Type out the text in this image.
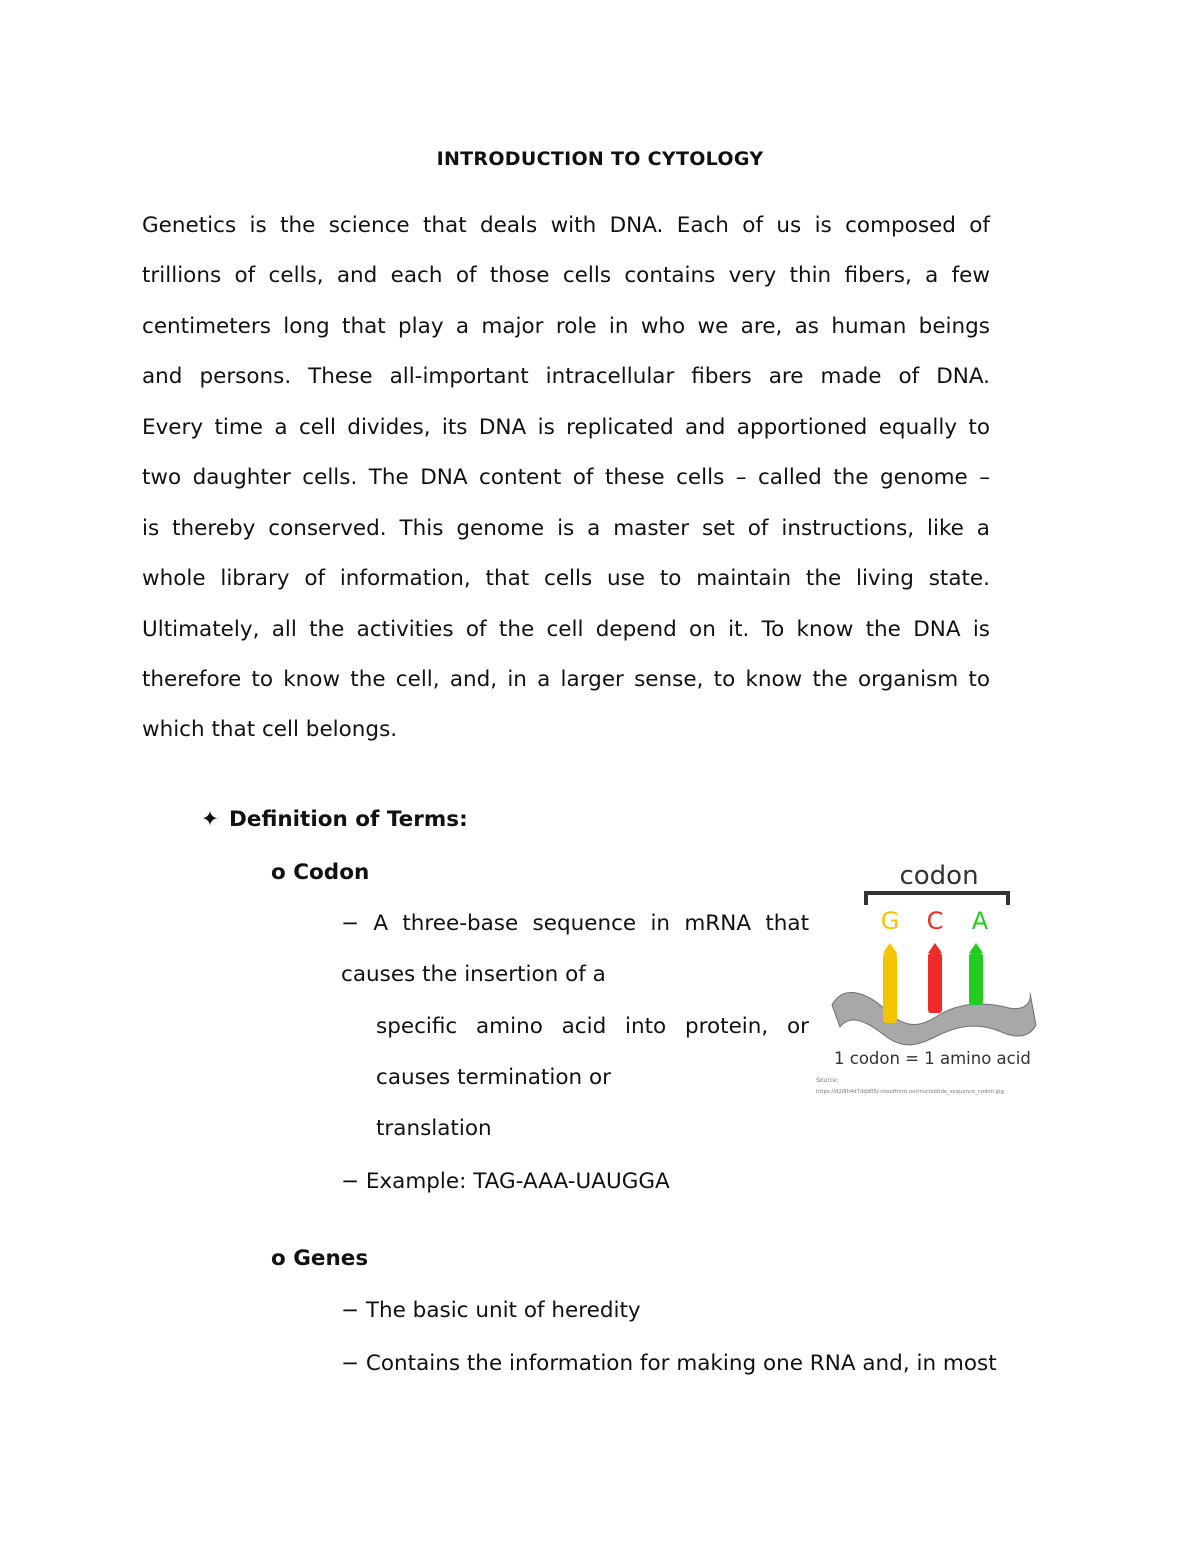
INTRODUCTION TO CYTOLOGY

Genetics is the science that deals with DNA. Each of us is composed of

trillions of cells, and each of those cells contains very thin fibers, a few

centimeters long that play a major role in who we are, as human beings

and persons. These all-important intracellular fibers are made of DNA.

Every time a cell divides, its DNA is replicated and apportioned equally to

two daughter cells. The DNA content of these cells – called the genome –

is thereby conserved. This genome is a master set of instructions, like a

whole library of information, that cells use to maintain the living state.

Ultimately, all the activities of the cell depend on it. To know the DNA is

therefore to know the cell, and, in a larger sense, to know the organism to

which that cell belongs.

✦ Definition of Terms:
o Codon
− A three-base sequence in mRNA that
causes the insertion of a
specific amino acid into protein, or
causes termination or
translation
− Example: TAG-AAA-UAUGGA
o Genes
− The basic unit of heredity
− Contains the information for making one RNA and, in most
codon
G C A
1 codon = 1 amino acid
Source:
https://d2l8h4d7ddd05r.cloudfront.net/nucleotide_sequence_codon.jpg
